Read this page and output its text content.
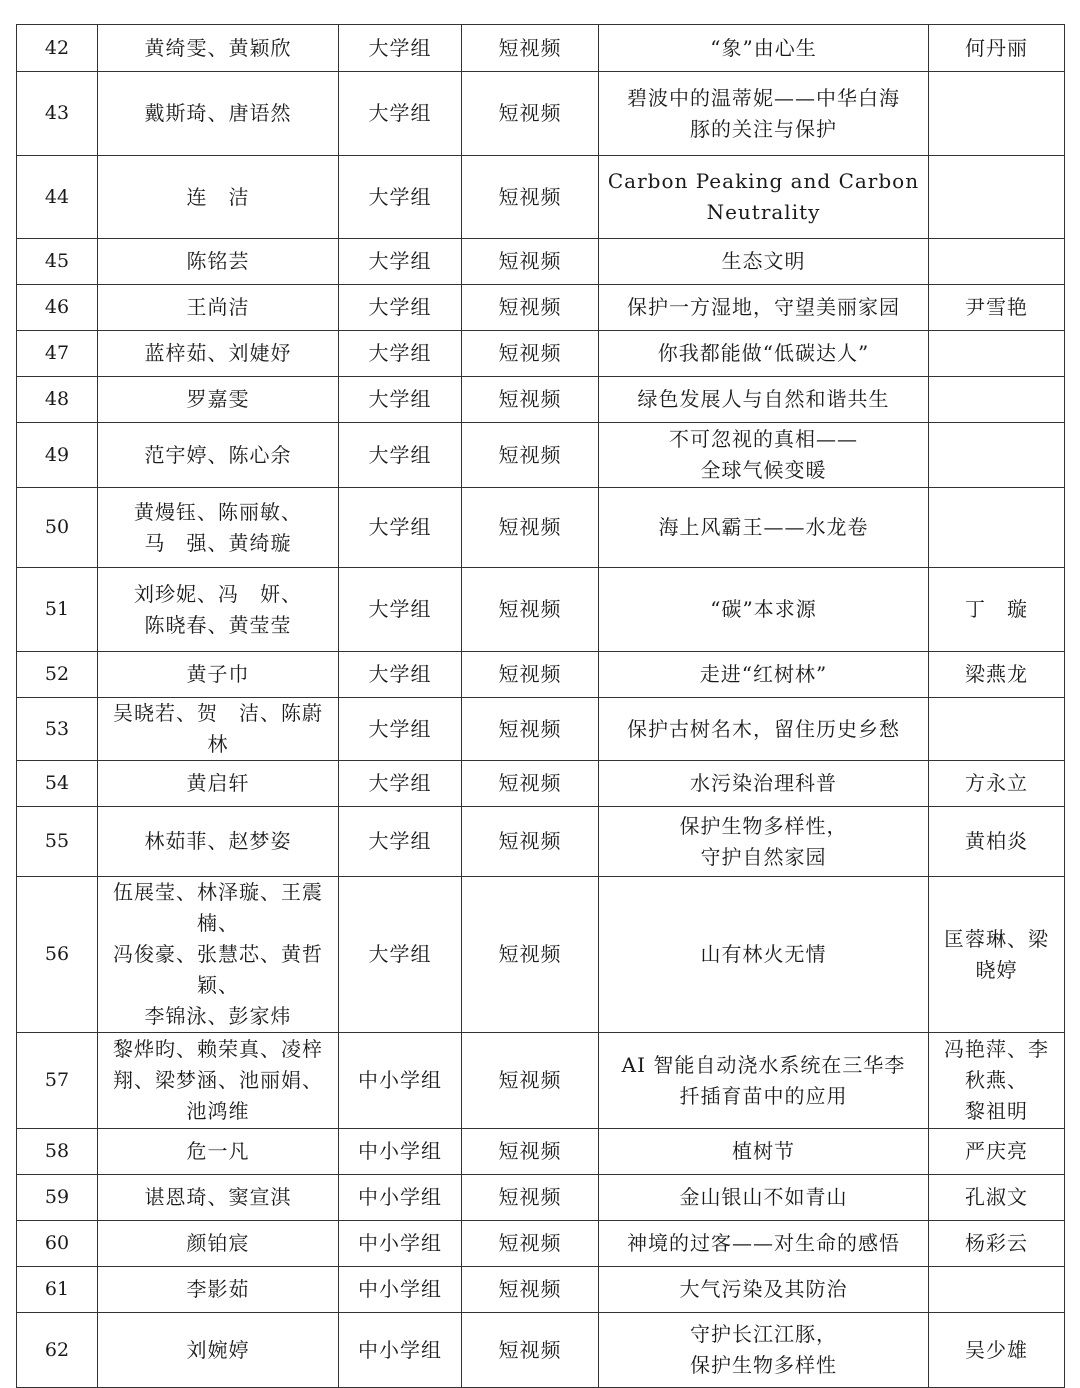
42	黄绮雯、黄颖欣	大学组	短视频	“象”由心生	何丹丽

43	戴斯琦、唐语然	大学组	短视频	碧波中的温蒂妮——中华白海
豚的关注与保护	

44	连　洁	大学组	短视频	Carbon Peaking and Carbon
Neutrality	

45	陈铭芸	大学组	短视频	生态文明	

46	王尚洁	大学组	短视频	保护一方湿地，守望美丽家园	尹雪艳

47	蓝梓茹、刘婕妤	大学组	短视频	你我都能做“低碳达人”	

48	罗嘉雯	大学组	短视频	绿色发展人与自然和谐共生	

49	范宇婷、陈心余	大学组	短视频	不可忽视的真相——
全球气候变暖	

50	黄熳钰、陈丽敏、
马　强、黄绮璇	大学组	短视频	海上风霸王——水龙卷	

51	刘珍妮、冯　妍、
陈晓春、黄莹莹	大学组	短视频	“碳”本求源	丁　璇

52	黄子巾	大学组	短视频	走进“红树林”	梁燕龙

53	吴晓若、贺　洁、陈蔚林	大学组	短视频	保护古树名木，留住历史乡愁	

54	黄启轩	大学组	短视频	水污染治理科普	方永立

55	林茹菲、赵梦姿	大学组	短视频	保护生物多样性，
守护自然家园	黄柏炎

56	伍展莹、林泽璇、王震楠、
冯俊豪、张慧芯、黄哲颖、
李锦泳、彭家炜	大学组	短视频	山有林火无情	匡蓉琳、梁
晓婷

57	黎烨昀、赖荣真、凌梓
翔、梁梦涵、池丽娟、
池鸿维	中小学组	短视频	AI 智能自动浇水系统在三华李
扦插育苗中的应用	冯艳萍、李
秋燕、
黎祖明

58	危一凡	中小学组	短视频	植树节	严庆亮

59	谌恩琦、窦宣淇	中小学组	短视频	金山银山不如青山	孔淑文

60	颜铂宸	中小学组	短视频	神境的过客——对生命的感悟	杨彩云

61	李影茹	中小学组	短视频	大气污染及其防治	

62	刘婉婷	中小学组	短视频	守护长江江豚，
保护生物多样性	吴少雄
